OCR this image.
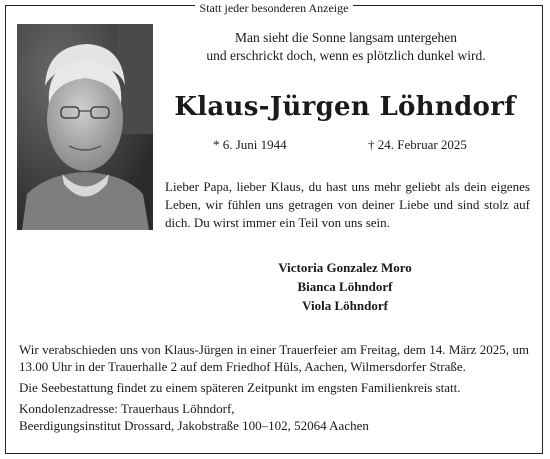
Statt jeder besonderen Anzeige
Man sieht die Sonne langsam untergehen
und erschrickt doch, wenn es plötzlich dunkel wird.
Klaus-Jürgen Löhndorf
* 6. Juni 1944	† 24. Februar 2025
Lieber Papa, lieber Klaus, du hast uns mehr geliebt als dein eigenes Leben, wir fühlen uns getragen von deiner Liebe und sind stolz auf dich. Du wirst immer ein Teil von uns sein.
Victoria Gonzalez Moro
Bianca Löhndorf
Viola Löhndorf

Wir verabschieden uns von Klaus-Jürgen in einer Trauerfeier am Freitag, dem 14. März 2025, um 13.00 Uhr in der Trauerhalle 2 auf dem Friedhof Hüls, Aachen, Wilmersdorfer Straße.

Die Seebestattung findet zu einem späteren Zeitpunkt im engsten Familienkreis statt.

Kondolenzadresse: Trauerhaus Löhndorf,
Beerdigungsinstitut Drossard, Jakobstraße 100–102, 52064 Aachen
